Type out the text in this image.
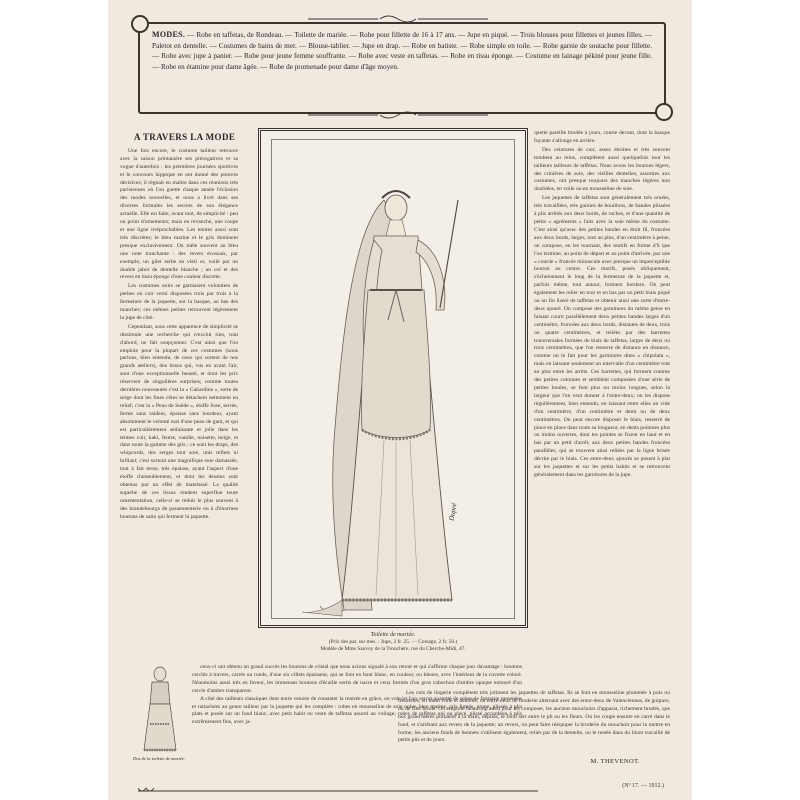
MODES. — Robe en taffetas, de Rondeau. — Toilette de mariée. — Robe pour fillette de 16 à 17 ans. — Jupe en piqué. — Trois blouses pour fillettes et jeunes filles. — Paletot en dentelle. — Costumes de bains de mer. — Blouse-tablier. — Jupe en drap. — Robe en batiste. — Robe simple en toile. — Robe garnie de soutache pour fillette. — Robe avec jupe à panier. — Robe pour jeune femme souffrante. — Robe avec veste en taffetas. — Robe en tissu éponge. — Costume en lainage pékiné pour jeune fille. — Robe en étamine pour dame âgée. — Robe de promenade pour dame d'âge moyen.
A TRAVERS LA MODE

Une fois encore, le costume tailleur retrouve avec la saison printanière ses prérogatives et sa vogue d'autrefois : les premières journées sportives et le concours hippique en ont donné des preuves décisives; il règnait en maître dans ces réunions très parisiennes où l'on guette chaque année l'éclosion des modes nouvelles, et nous a livré dans ses diverses formules les secrets de son élégance actuelle. Elle est faite, avant tout, de simplicité : peu ou point d'ornements; mais en revanche, une coupe et une ligne irréprochables. Les teintes aussi sont très discrètes; le bleu marine et le gris dominent presque exclusivement. On mêle souvent au bleu une note tranchante : des revers écossais, par exemple, un gilet serbe en vieil or, voilé par un double jabot de dentelle blanche ; un col et des revers en tissu éponge d'une couleur discrète.

Les costumes noirs se garnissent volontiers de petites en cuir verni disposées trois par trois à la fermeture de la jaquette, sur la basque, au bas des manches; ces mêmes petites retrouvent légèrement la jupe de côté.

Cependant, sous cette apparence de simplicité se dissimule une recherche qui n'exclut rien, tout d'abord, ne fait soupçonner. C'est ainsi que l'on emploie pour la plupart de ces costumes (nous parlons, bien entendu, de ceux qui sortent de nos grands ateliers), des tissus qui, vus en avant l'air, sont d'une exceptionnelle beauté, et dont les prix réservent de singulières surprises; comme toutes dernières nouveautés c'est la « Gabardine », sorte de serge dont les fines côtes se détachent nettement en relief; c'est la « Peau de Suède », étoffe lisse, serrée, ferme sans raideur, épaisse sans lourdeur, ayant absolument le velouté mat d'une peau de gant, et qui est particulièrement séduisante et jolie dans les teintes cuir, kaki, feutre, vanille, noisette, beige, et dans toute la gamme des gris ; ce sont les draps, des whipcords, des serges tout soie, unis reflets ni brillant; c'est surtout une magnifique soie damassée, tout à fait terne, très épaisse, ayant l'aspect d'une étoffe d'ameublement, et dont les dessins sont obtenus par un effet de matelassé. La qualité superbe de ces tissus rendent superflue toute ornementation, celle-ci se réduit le plus souvent à des brandebourgs de passementerie ou à d'énormes boutons de satin qui ferment la jaquette.	Dupré
Toilette de mariée.
(Prix des pat. sur mes. : Jupe, 2 fr. 25. — Corsage, 2 fr. 50.)
Modèle de Mme Sauvoy de la Tronchère, rue du Cherche-Midi, 47.

quette pareille brodée à jours, courte devant, dont la basque fuyante s'allonge en arrière.

Des ceintures de cuir, assez étroites et très souvent tombent au reins, complètent aussi quelquefois tout les tailleurs tailleurs de taffetas. Nous avons les boutons légers, des crinières de soie, des vieilles dentelles, assorties aux costumes, ont presque toujours des manches légères non doublées, en voile ou en mousseline de soie.

Les jaquettes de taffetas sont généralement très ornées, très travaillées, très garnies de bouillons, de bandes plissées à plis arrêtés aux deux bords, de ruches, et d'une quantité de petits « agréments » faits avec la soie même du costume. C'est ainsi qu'avec des petites bandes en droit fil, froncées aux deux bords, larges, tout au plus, d'un centimètre à peine, on compose, en les tournant, des motifs en forme d'S que l'on termine, au point de départ et au point d'arrivée, par une « courde » froncée minuscule avec presque un imperceptible bouton au centre. Ces motifs, posés obliquement, s'échelonnent le long de la fermeture de la jaquette et, parfois même, tout autour, forment bordure. On peut également les relier en tour et en bas par un petit biais piqué ou un fin liseré de taffetas et obtenir ainsi une sorte d'entre-deux ajouré. On compose des garnitures du même genre en faisant courir parallèlement deux petites bandes larges d'un centimètre, froncées aux deux bords, distantes de deux, trois ou quatre centimètres, et reliées par des barrettes transversales formées de biais de taffetas, larges de deux ou trois centimètres, que l'on resserre de distance en distance, comme on le fait pour les garnitures dites « chipolata », mais en laissant seulement un intervalle d'un centimètre tout au plus entre les arrêts. Ces barrettes, qui forment comme des petites colonnes et semblent composées d'une série de petites boules, se font plus ou moins longues, selon la largeur que l'on veut donner à l'entre-deux; on les dispose régulièrement, bien entendu, en laissant entre elles un vide d'un centimètre, d'un centimètre et demi ou de deux centimètres. On peut encore disposer le biais, resserré de place en place dans toute sa longueur, en dents pointues plus ou moins ouvertes, dont les pointes se fixent en haut et en bas par un petit d'arrêt, aux deux petites bandes froncées parallèles, qui se trouvent ainsi reliées par la ligne brisée décrite par le biais. Ces entre-deux ajourés se posent à plat sur les jaquettes et sur les petits habits et se retrouvent généralement dans les garnitures de la jupe.

Dos de la toilette de mariée.

ceux-ci ont obtenu un grand succès les boutons de cristal que nous avions signalé à son retour et qui s'affirme chaque jour davantage : boutons cerclés à travers, carrés ou ronds, d'une six cillets épaisseur, qui se font en bout blanc, en couleur, ou bleues, avec l'intérieur de la cuvette coloré. Néanmoins aussi très en faveur, les immenses boutons d'écaille sertis de nacre et ceux formés d'un gros cabochon d'ambre opaque entouré d'un cercle d'ambre transparent.

A côté des tailleurs classiques dont notre venons de constater la rentrée en grâce, on voit (et l'on verra) quantité de robes de fantaisie ramenées et rattachées au genre tailleur par la jaquette qui les complète : robes en mousseline de soie noire, bleu marine, gris fumée, prune, plissée à plis plats et posée sur un fond blanc, avec petit habit ou veste de taffetas assorti au voilage; robes de taffetas uni ou glacé, plissé accordéon à plis extrêmement fins, avec ja-

Les cols de lingerie complètent très joliment les jaquettes de taffetas. Ils se font en mousseline plumetée à pois ou fleurettes, en linon voilé et dentelle, ou entre-deux de broderie alternant avec des entre-deux de Valenciennes, de guipure, ou de filet brodé. On emploie beaucoup aussi pour les composer, les anciens mouchoirs d'apparat, richement brodés, que nos grand'mères portaient à la main, dépliés, le fond sert entre le pli ou les fleurs. On les coupe ensuite en carré dans le fond, et s'arrêtant aux revers de la jaquette; un revers, on peut faire rééquiper la broderie du mouchoir pour la mettre en forme; les anciens fonds de bonnets s'utilisent également, reliés par de la dentelle, ou le restée dans du linon travaillé de petits plis et de jours.

M. THEVENOT.
(Nº 17. — 1912.)
